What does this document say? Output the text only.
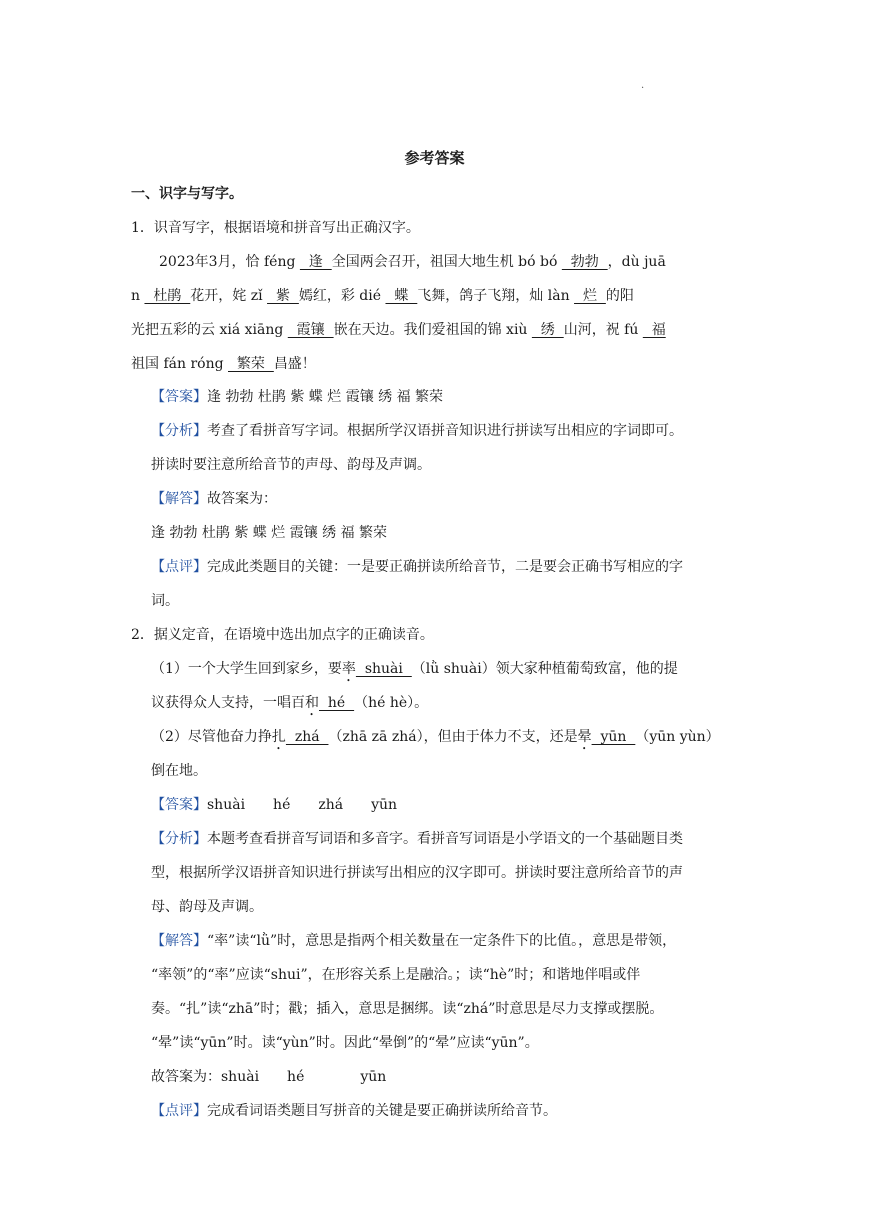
.
参考答案
一、识字与写字。
1．识音写字，根据语境和拼音写出正确汉字。
2023年3月，恰 féng   逢  全国两会召开，祖国大地生机 bó bó   勃勃  ，dù juā
n   杜鹃  花开，姹 zǐ   紫  嫣红，彩 dié   蝶  飞舞，鸽子飞翔，灿 làn   烂  的阳
光把五彩的云 xiá xiāng   霞镶  嵌在天边。我们爱祖国的锦 xiù   绣  山河，祝 fú   福
祖国 fán róng   繁荣  昌盛！
【答案】逢 勃勃 杜鹃 紫 蝶 烂 霞镶 绣 福 繁荣
【分析】考查了看拼音写字词。根据所学汉语拼音知识进行拼读写出相应的字词即可。
拼读时要注意所给音节的声母、韵母及声调。
【解答】故答案为：
逢 勃勃 杜鹃 紫 蝶 烂 霞镶 绣 福 繁荣
【点评】完成此类题目的关键：一是要正确拼读所给音节，二是要会正确书写相应的字
词。
2．据义定音，在语境中选出加点字的正确读音。
（1）一个大学生回到家乡，要率  shuài  （lǜ shuài）领大家种植葡萄致富，他的提
议获得众人支持，一唱百和  hé  （hé hè）。
（2）尽管他奋力挣扎  zhá  （zhā zā zhá），但由于体力不支，还是晕  yūn  （yūn yùn）
倒在地。
【答案】shuài hé zhá yūn
【分析】本题考查看拼音写词语和多音字。看拼音写词语是小学语文的一个基础题目类
型，根据所学汉语拼音知识进行拼读写出相应的汉字即可。拼读时要注意所给音节的声
母、韵母及声调。
【解答】“率”读“lǜ”时，意思是指两个相关数量在一定条件下的比值。，意思是带领，
“率领”的“率”应读“shui”，在形容关系上是融洽。；读“hè”时；和谐地伴唱或伴
奏。“扎”读“zhā”时；戳；插入，意思是捆绑。读“zhá”时意思是尽力支撑或摆脱。
“晕”读“yūn”时。读“yùn”时。因此“晕倒”的“晕”应读“yūn”。
故答案为：shuài hé	yūn
【点评】完成看词语类题目写拼音的关键是要正确拼读所给音节。
